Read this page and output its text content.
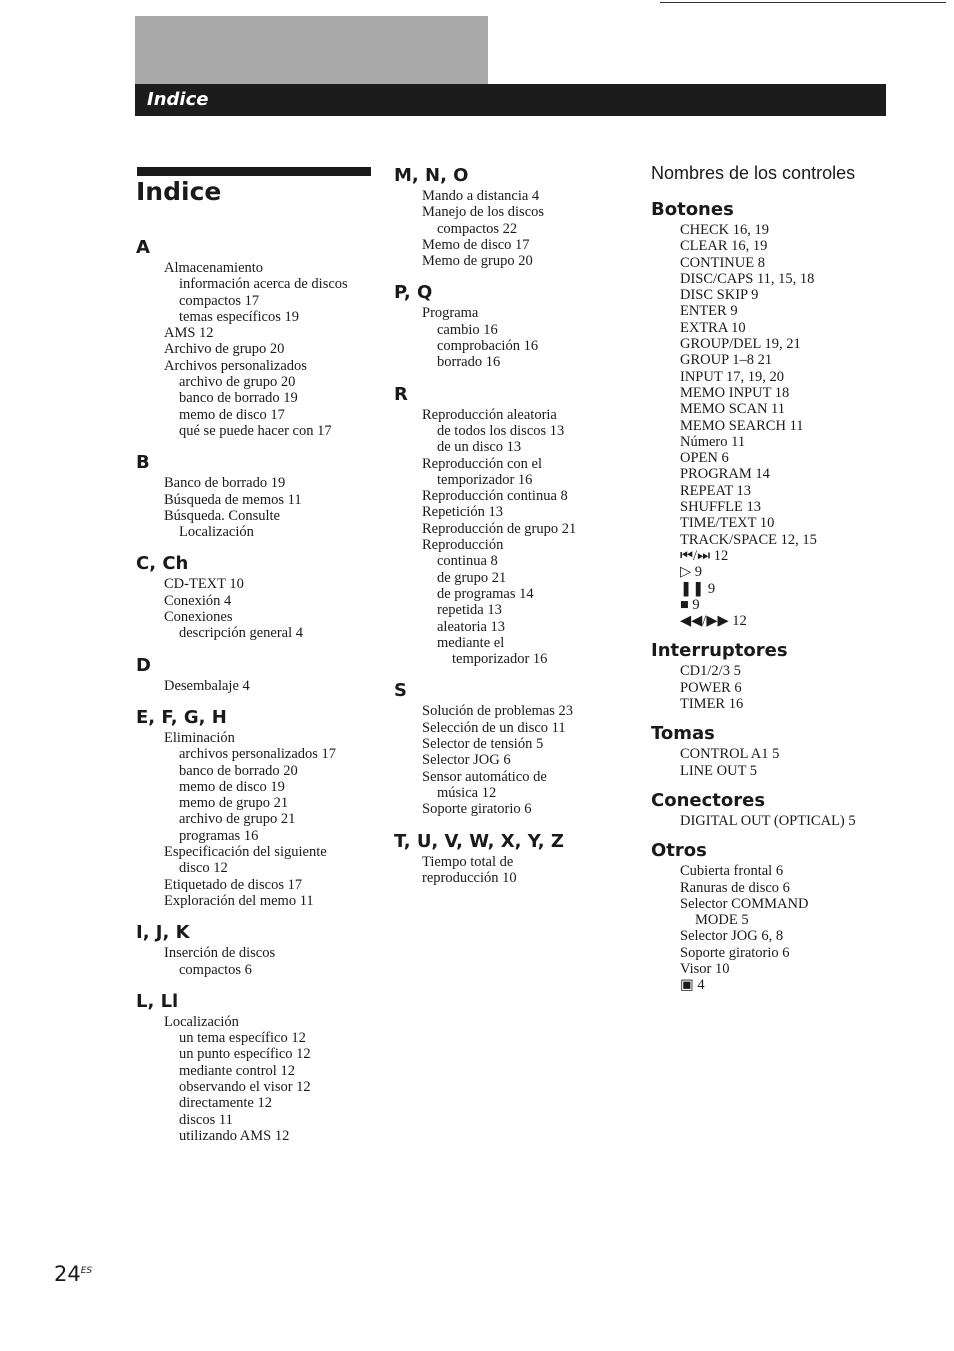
Indice
Indice
A
Almacenamiento
información acerca de discos
compactos 17
temas específicos 19
AMS 12
Archivo de grupo 20
Archivos personalizados
archivo de grupo 20
banco de borrado 19
memo de disco 17
qué se puede hacer con 17
B
Banco de borrado 19
Búsqueda de memos 11
Búsqueda. Consulte
Localización
C, Ch
CD-TEXT 10
Conexión 4
Conexiones
descripción general 4
D
Desembalaje 4
E, F, G, H
Eliminación
archivos personalizados 17
banco de borrado 20
memo de disco 19
memo de grupo 21
archivo de grupo 21
programas 16
Especificación del siguiente
disco 12
Etiquetado de discos 17
Exploración del memo 11
I, J, K
Inserción de discos
compactos 6
L, Ll
Localización
un tema específico 12
un punto específico 12
mediante control 12
observando el visor 12
directamente 12
discos 11
utilizando AMS 12
M, N, O
Mando a distancia 4
Manejo de los discos
compactos 22
Memo de disco 17
Memo de grupo 20
P, Q
Programa
cambio 16
comprobación 16
borrado 16
R
Reproducción aleatoria
de todos los discos 13
de un disco 13
Reproducción con el
temporizador 16
Reproducción continua 8
Repetición 13
Reproducción de grupo 21
Reproducción
continua 8
de grupo 21
de programas 14
repetida 13
aleatoria 13
mediante el
temporizador 16
S
Solución de problemas 23
Selección de un disco 11
Selector de tensión 5
Selector JOG 6
Sensor automático de
música 12
Soporte giratorio 6
T, U, V, W, X, Y, Z
Tiempo total de
reproducción 10

Nombres de los controles

Botones
CHECK 16, 19
CLEAR 16, 19
CONTINUE 8
DISC/CAPS 11, 15, 18
DISC SKIP 9
ENTER 9
EXTRA 10
GROUP/DEL 19, 21
GROUP 1–8 21
INPUT 17, 19, 20
MEMO INPUT 18
MEMO SCAN 11
MEMO SEARCH 11
Número 11
OPEN 6
PROGRAM 14
REPEAT 13
SHUFFLE 13
TIME/TEXT 10
TRACK/SPACE 12, 15
⏮/⏭ 12
▷ 9
❚❚ 9
■ 9
◀◀/▶▶ 12
Interruptores
CD1/2/3 5
POWER 6
TIMER 16
Tomas
CONTROL A1 5
LINE OUT 5
Conectores
DIGITAL OUT (OPTICAL) 5
Otros
Cubierta frontal 6
Ranuras de disco 6
Selector COMMAND
MODE 5
Selector JOG 6, 8
Soporte giratorio 6
Visor 10
▣ 4
$24^{ES}$
